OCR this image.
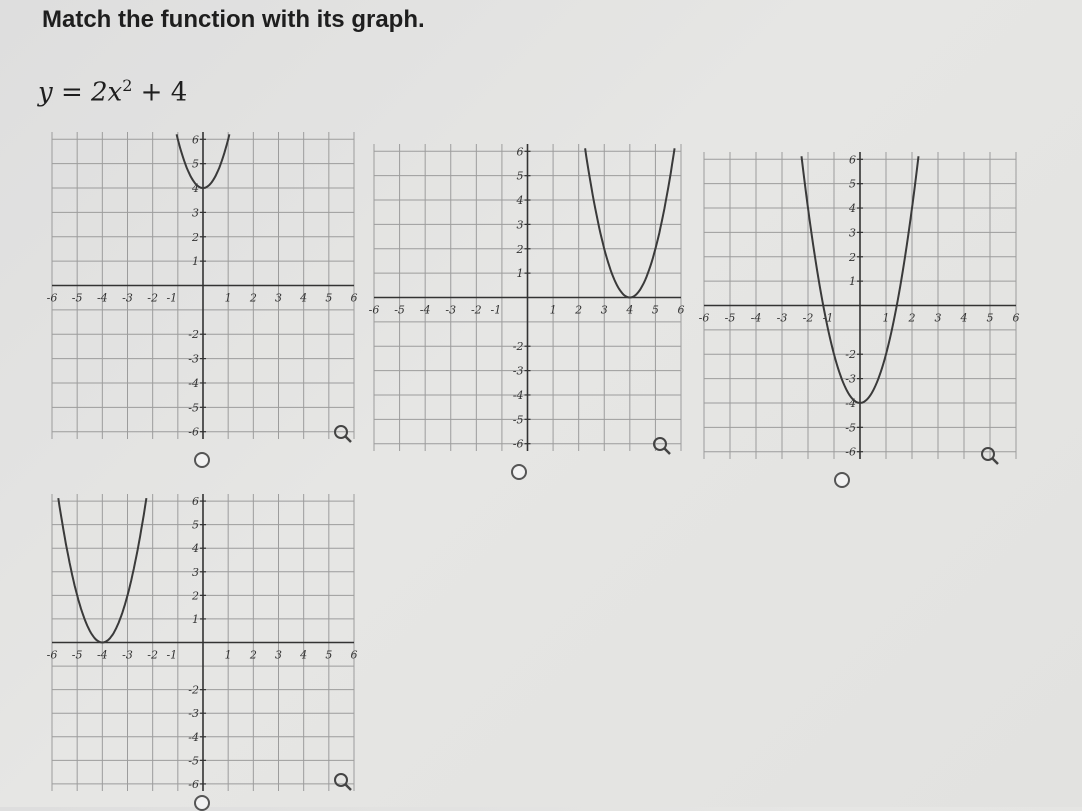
Match the function with its graph.
$y = 2x^2 + 4$
-6 -5 -4 -3 -2 -1	1 2 3 4 5 6
6
5
4
3
2
1
-2
-3
-4
-5
-6
-6 -5 -4 -3 -2 -1	1 2 3 4 5 6
6
5
4
3
2
1
-2
-3
-4
-5
-6
-6 -5 -4 -3 -2 -1	1 2 3 4 5 6
6
5
4
3
2
1
-2
-3
-4
-5
-6
-6 -5 -4 -3 -2 -1	1 2 3 4 5 6
6
5
4
3
2
1
-2
-3
-4
-5
-6
